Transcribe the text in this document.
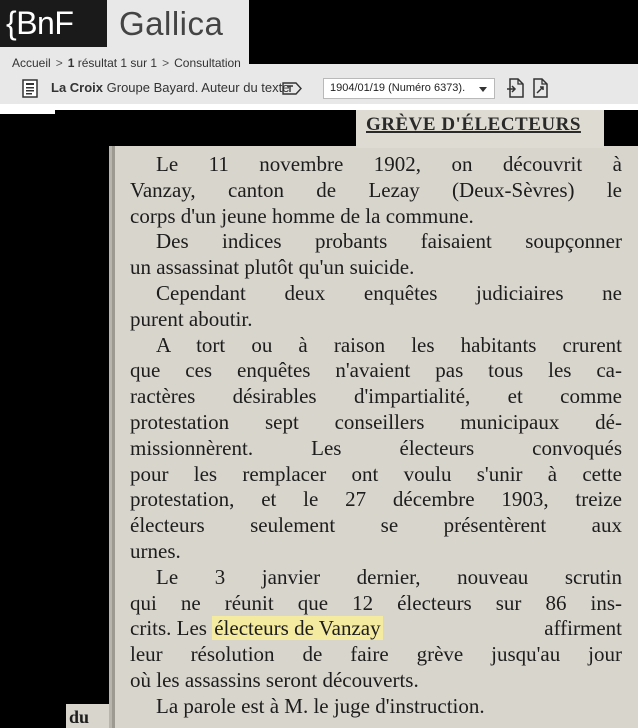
{BnF	Gallica
Accueil > 1 résultat 1 sur 1 > Consultation
La Croix Groupe Bayard. Auteur du texte	1904/01/19 (Numéro 6373).
GRÈVE D'ÉLECTEURS
Le 11 novembre 1902, on découvrit à
Vanzay, canton de Lezay (Deux-Sèvres) le
corps d'un jeune homme de la commune.
Des indices probants faisaient soupçonner
un assassinat plutôt qu'un suicide.
Cependant deux enquêtes judiciaires ne
purent aboutir.
A tort ou à raison les habitants crurent
que ces enquêtes n'avaient pas tous les ca-
ractères désirables d'impartialité, et comme
protestation sept conseillers municipaux dé-
missionnèrent. Les électeurs convoqués
pour les remplacer ont voulu s'unir à cette
protestation, et le 27 décembre 1903, treize
électeurs seulement se présentèrent aux
urnes.
Le 3 janvier dernier, nouveau scrutin
qui ne réunit que 12 électeurs sur 86 ins-
crits. Les électeurs de Vanzay	affirment
leur résolution de faire grève jusqu'au jour
où les assassins seront découverts.
La parole est à M. le juge d'instruction.
du
